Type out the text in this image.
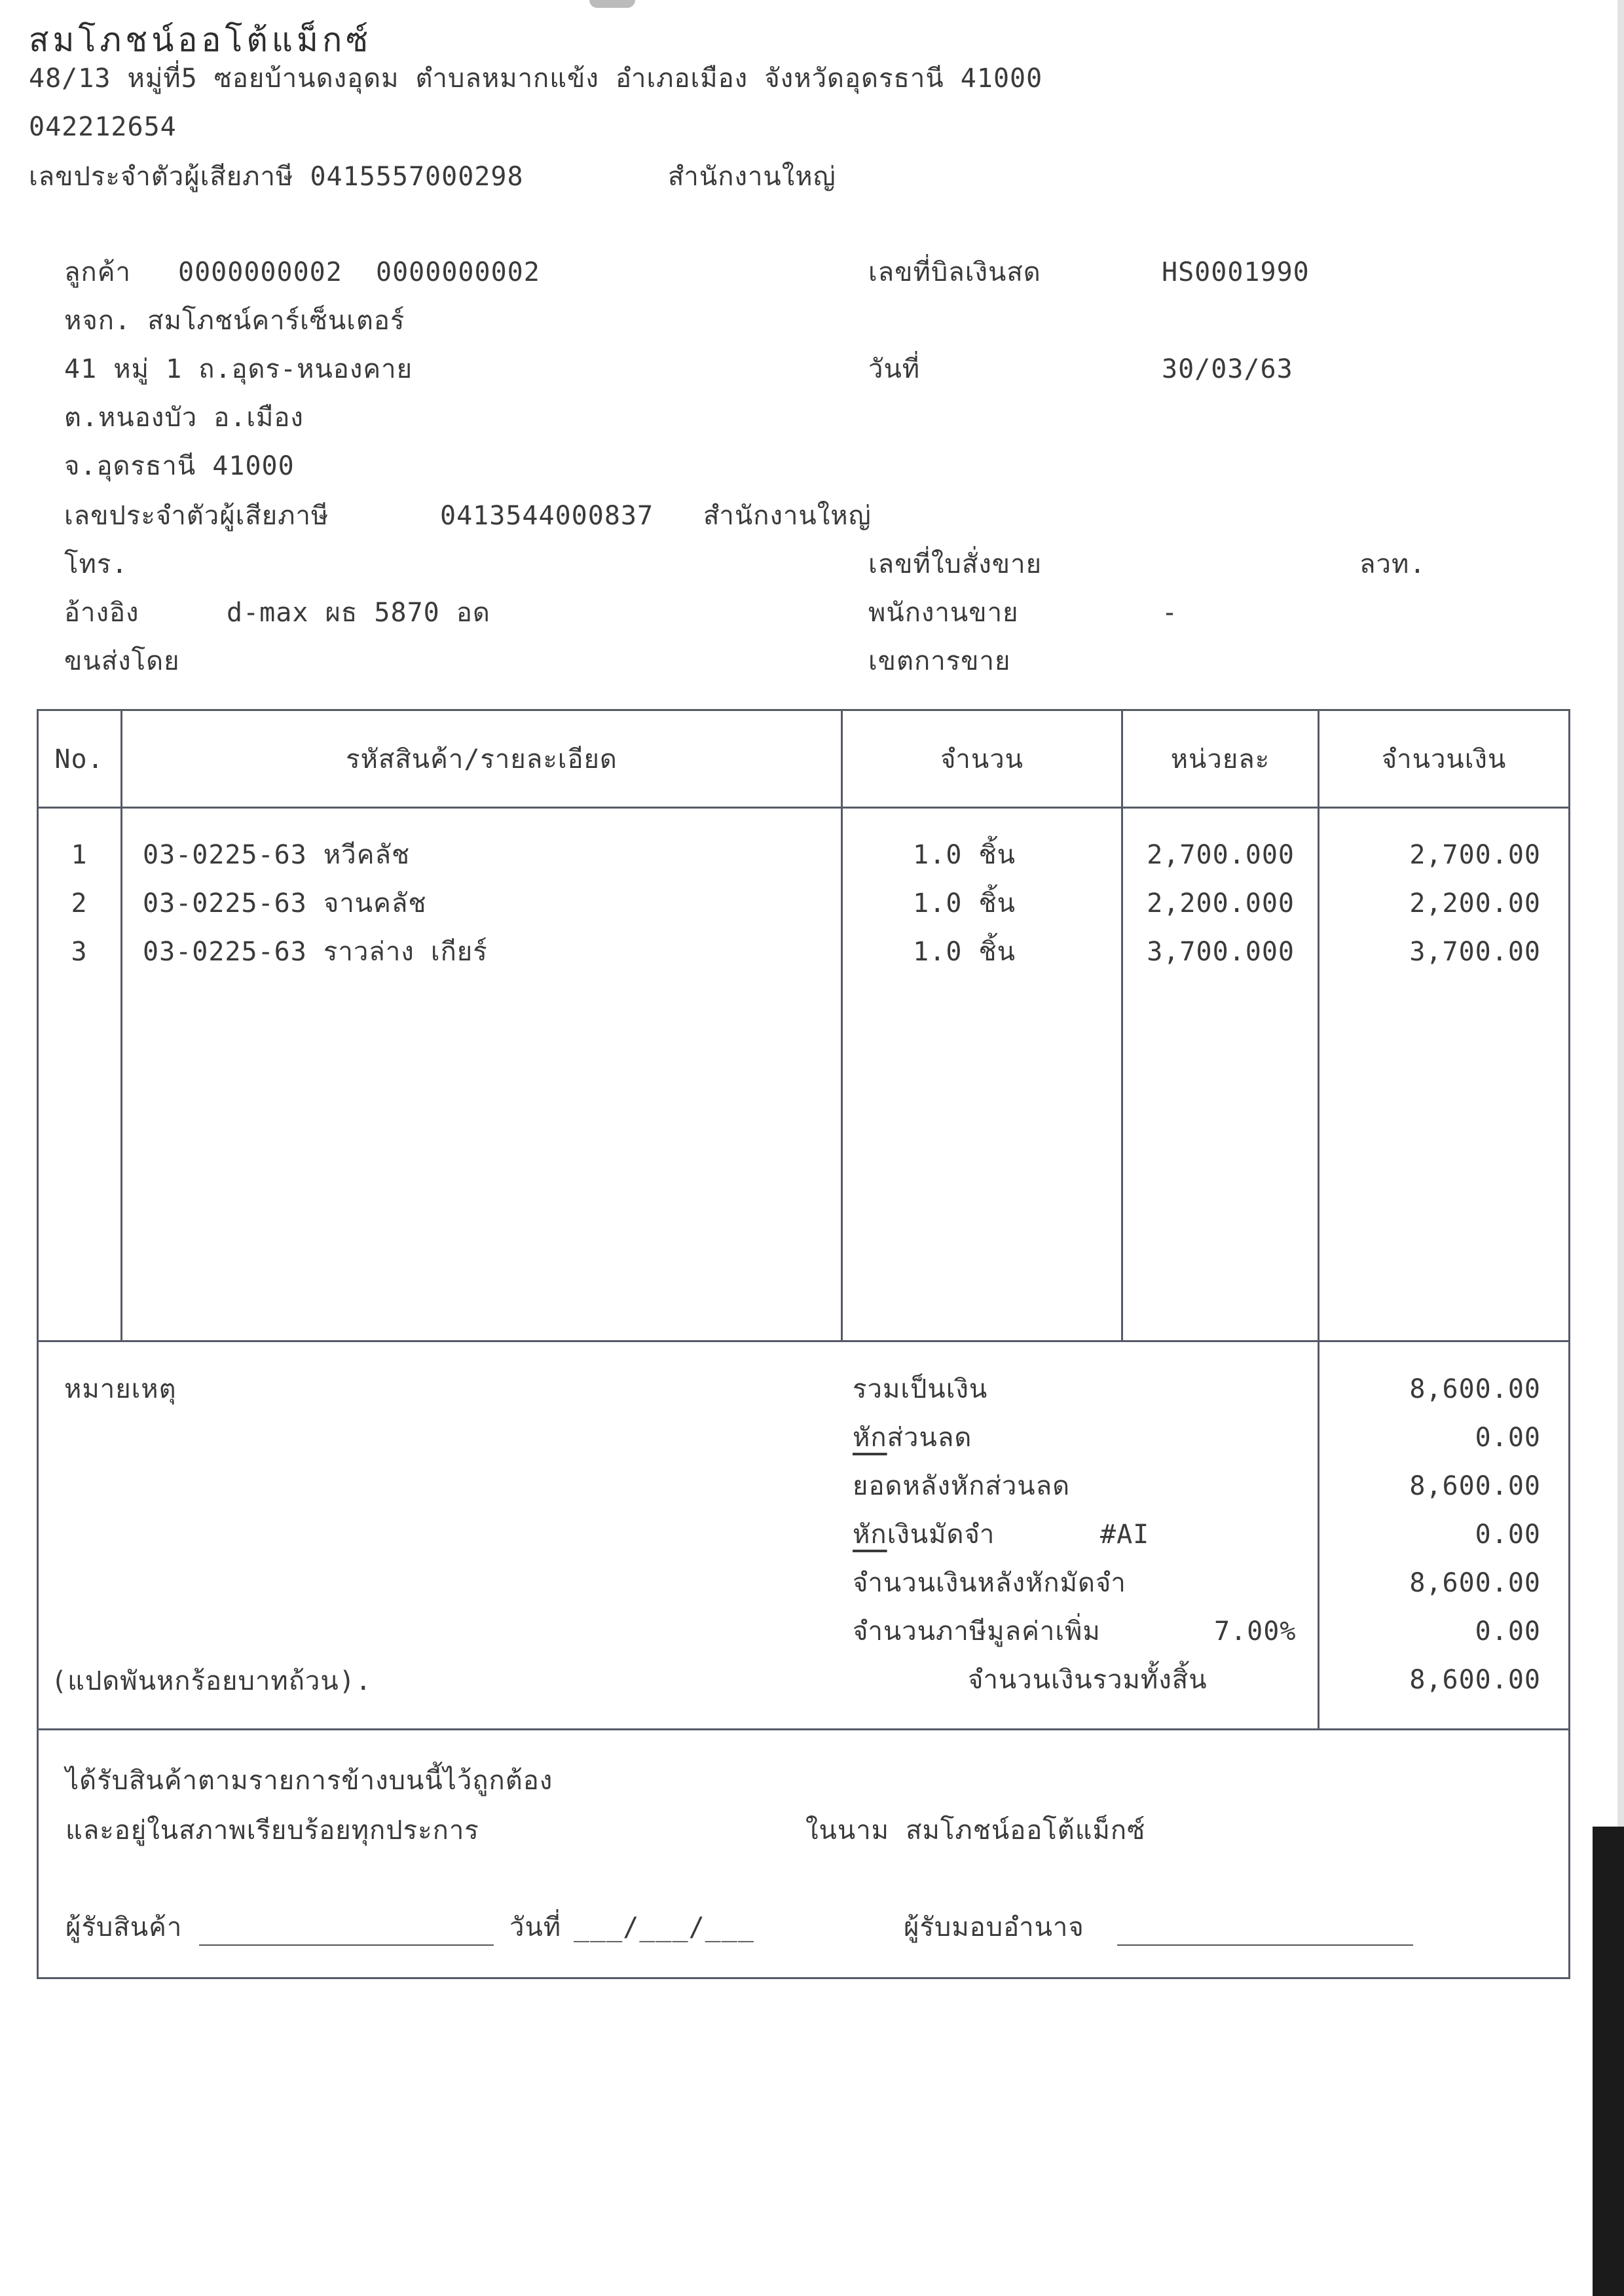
สมโภชน์ออโต้แม็กซ์
48/13 หมู่ที่5 ซอยบ้านดงอุดม ตำบลหมากแข้ง อำเภอเมือง จังหวัดอุดรธานี 41000
042212654
เลขประจำตัวผู้เสียภาษี 0415557000298	สำนักงานใหญ่
ลูกค้า 0000000002 0000000002
หจก. สมโภชน์คาร์เซ็นเตอร์
41 หมู่ 1 ถ.อุดร-หนองคาย
ต.หนองบัว อ.เมือง
จ.อุดรธานี 41000
เลขประจำตัวผู้เสียภาษี	0413544000837 สำนักงานใหญ่
โทร.
อ้างอิง	d-max ผธ 5870 อด
ขนส่งโดย
เลขที่บิลเงินสด	HS0001990
วันที่	30/03/63
เลขที่ใบสั่งขาย	ลวท.
พนักงานขาย	-
เขตการขาย
No.	รหัสสินค้า/รายละเอียด	จำนวน	หน่วยละ	จำนวนเงิน
1	03-0225-63 หวีคลัช	1.0 ชิ้น	2,700.000	2,700.00
2	03-0225-63 จานคลัช	1.0 ชิ้น	2,200.000	2,200.00
3	03-0225-63 ราวล่าง เกียร์	1.0 ชิ้น	3,700.000	3,700.00
หมายเหตุ	รวมเป็นเงิน	8,600.00
หักส่วนลด	0.00
ยอดหลังหักส่วนลด	8,600.00
หักเงินมัดจำ	#AI	0.00
จำนวนเงินหลังหักมัดจำ	8,600.00
จำนวนภาษีมูลค่าเพิ่ม	7.00%	0.00
(แปดพันหกร้อยบาทถ้วน).	จำนวนเงินรวมทั้งสิ้น	8,600.00
ได้รับสินค้าตามรายการข้างบนนี้ไว้ถูกต้อง
และอยู่ในสภาพเรียบร้อยทุกประการ	ในนาม สมโภชน์ออโต้แม็กซ์
ผู้รับสินค้า	วันที่ ___/___/___	ผู้รับมอบอำนาจ
